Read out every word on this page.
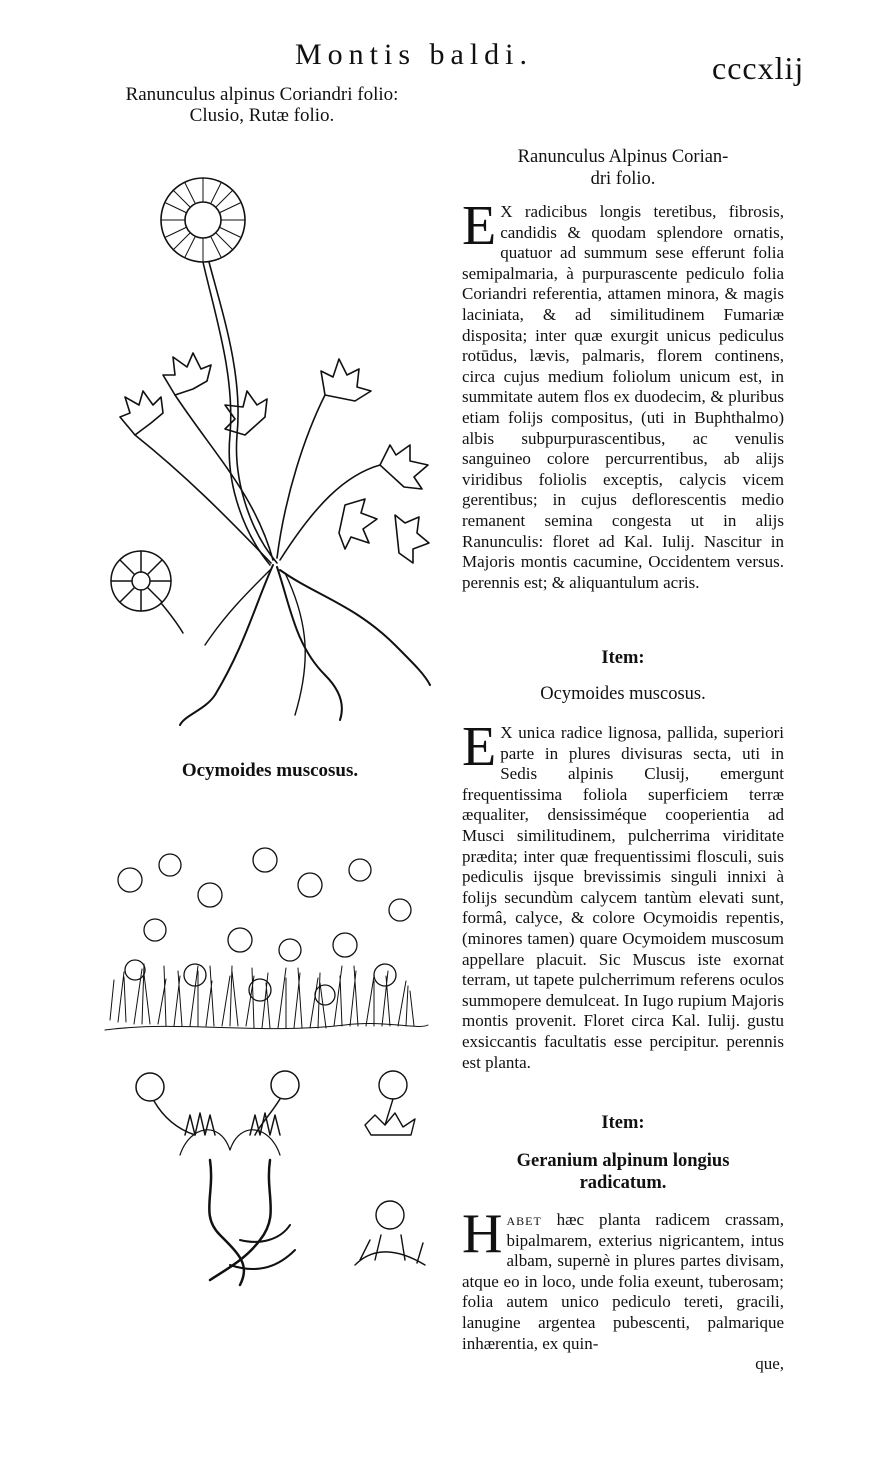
Montis baldi.	cccxlij
Ranunculus alpinus Coriandri folio:
Clusio, Rutæ folio.
Ocymoides muscosus.
Ranunculus Alpinus Corian-
dri folio.
E X radicibus longis teretibus, fibrosis, candidis & quodam splendore ornatis, quatuor ad summum sese efferunt folia semipalmaria, à purpurascente pediculo folia Coriandri referentia, attamen minora, & magis laciniata, & ad similitudinem Fumariæ disposita; inter quæ exurgit unicus pediculus rotūdus, lævis, palmaris, florem continens, circa cujus medium foliolum unicum est, in summitate autem flos ex duodecim, & pluribus etiam folijs compositus, (uti in Buphthalmo) albis subpurpurascentibus, ac venulis sanguineo colore percurrentibus, ab alijs viridibus foliolis exceptis, calycis vicem gerentibus; in cujus deflorescentis medio remanent semina congesta ut in alijs Ranunculis: floret ad Kal. Iulij. Nascitur in Majoris montis cacumine, Occidentem versus. perennis est; & aliquantulum acris.
Item:
Ocymoides muscosus.
E X unica radice lignosa, pallida, superiori parte in plures divisuras secta, uti in Sedis alpinis Clusij, emergunt frequentissima foliola superficiem terræ æqualiter, densissiméque cooperientia ad Musci similitudinem, pulcherrima viriditate prædita; inter quæ frequentissimi flosculi, suis pediculis ijsque brevissimis singuli innixi à folijs secundùm calycem tantùm elevati sunt, formâ, calyce, & colore Ocymoidis repentis, (minores tamen) quare Ocymoidem muscosum appellare placuit. Sic Muscus iste exornat terram, ut tapete pulcherrimum referens oculos summopere demulceat. In Iugo rupium Majoris montis provenit. Floret circa Kal. Iulij. gustu exsiccantis facultatis esse percipitur. perennis est planta.
Item:
Geranium alpinum longius
radicatum.
Habet hæc planta radicem crassam, bipalmarem, exterius nigricantem, intus albam, supernè in plures partes divisam, atque eo in loco, unde folia exeunt, tuberosam; folia autem unico pediculo tereti, gracili, lanugine argentea pubescenti, palmarique inhærentia, ex quin-
que,
